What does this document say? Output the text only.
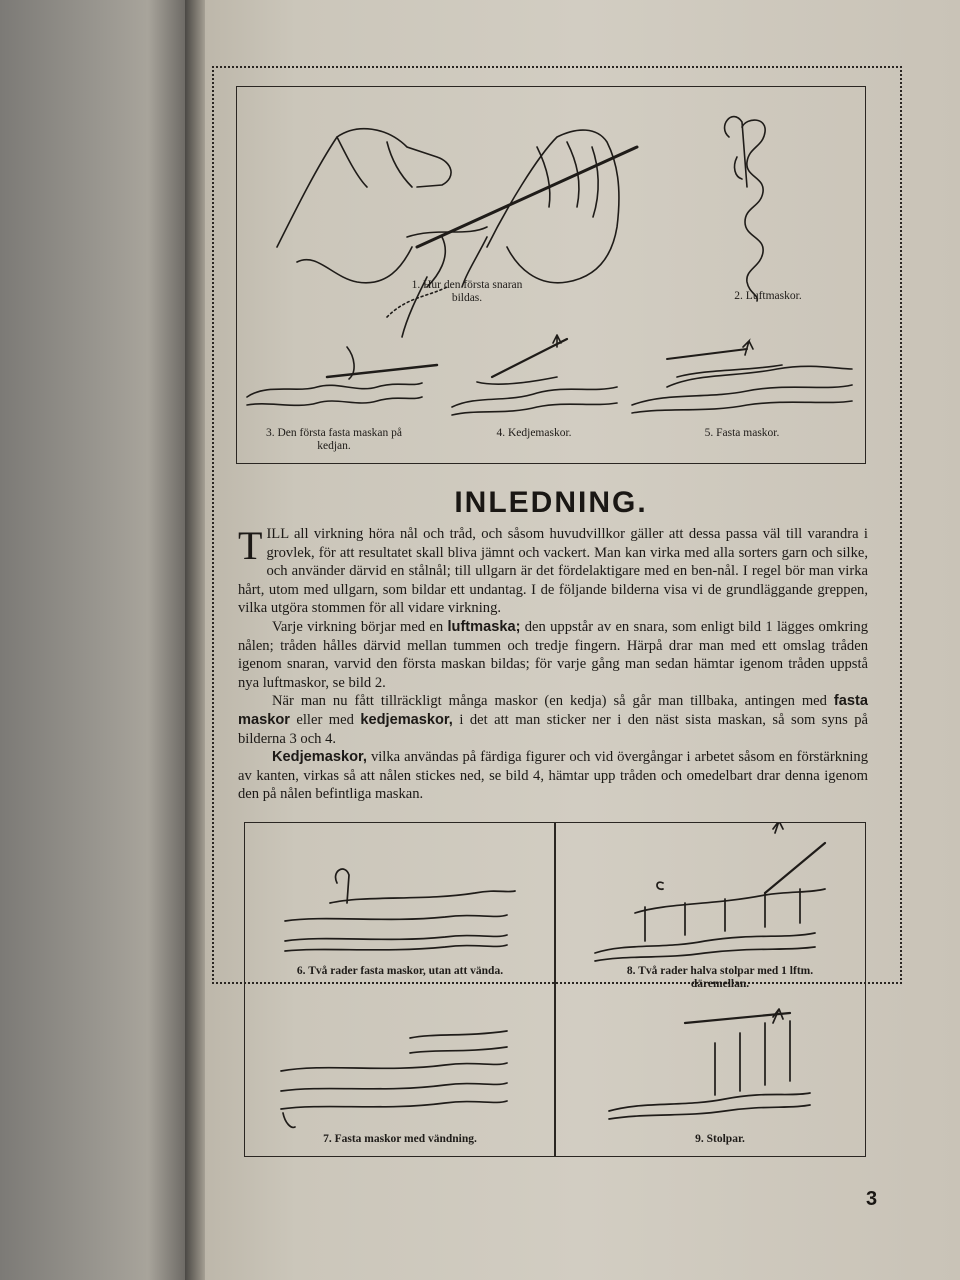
1. Hur den första snaran bildas.	2. Luftmaskor.
3. Den första fasta maskan på kedjan.
4. Kedjemaskor.	5. Fasta maskor.
INLEDNING.

TILL all virkning höra nål och tråd, och såsom huvudvillkor gäller att dessa passa väl till varandra i grovlek, för att resultatet skall bliva jämnt och vackert. Man kan virka med alla sorters garn och silke, och använder därvid en stålnål; till ullgarn är det fördelaktigare med en ben-nål. I regel bör man virka hårt, utom med ullgarn, som bildar ett undantag. I de följande bilderna visa vi de grundläggande greppen, vilka utgöra stommen för all vidare virkning.

Varje virkning börjar med en luftmaska; den uppstår av en snara, som enligt bild 1 lägges omkring nålen; tråden hålles därvid mellan tummen och tredje fingern. Härpå drar man med ett omslag tråden igenom snaran, varvid den första maskan bildas; för varje gång man sedan hämtar igenom tråden uppstå nya luftmaskor, se bild 2.

När man nu fått tillräckligt många maskor (en kedja) så går man tillbaka, antingen med fasta maskor eller med kedjemaskor, i det att man sticker ner i den näst sista maskan, så som syns på bilderna 3 och 4.

Kedjemaskor, vilka användas på färdiga figurer och vid övergångar i arbetet såsom en förstärkning av kanten, virkas så att nålen stickes ned, se bild 4, hämtar upp tråden och omedelbart drar denna igenom den på nålen befintliga maskan.

6. Två rader fasta maskor, utan att vända.
7. Fasta maskor med vändning.
8. Två rader halva stolpar med 1 lftm. däremellan.
9. Stolpar.
3
